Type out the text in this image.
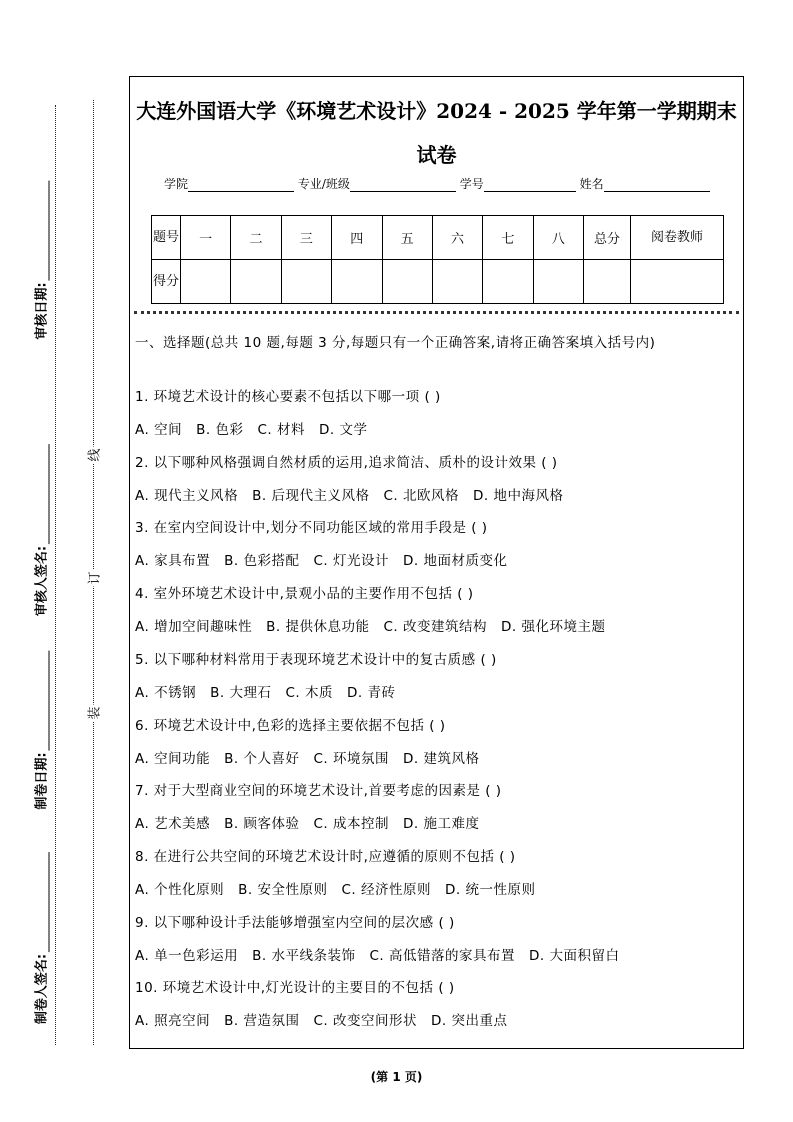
审核日期:
审核人签名:
制卷日期:
制卷人签名:
线
订
装
大连外国语大学《环境艺术设计》2024 - 2025 学年第一学期期末
试卷
学院	专业/班级	学号	姓名
题号	一	二	三	四	五	六	七	八	总分	阅卷教师
得分										
一、选择题(总共 10 题,每题 3 分,每题只有一个正确答案,请将正确答案填入括号内)
1. 环境艺术设计的核心要素不包括以下哪一项 ( )
A. 空间 B. 色彩 C. 材料 D. 文学
2. 以下哪种风格强调自然材质的运用,追求简洁、质朴的设计效果 ( )
A. 现代主义风格 B. 后现代主义风格 C. 北欧风格 D. 地中海风格
3. 在室内空间设计中,划分不同功能区域的常用手段是 ( )
A. 家具布置 B. 色彩搭配 C. 灯光设计 D. 地面材质变化
4. 室外环境艺术设计中,景观小品的主要作用不包括 ( )
A. 增加空间趣味性 B. 提供休息功能 C. 改变建筑结构 D. 强化环境主题
5. 以下哪种材料常用于表现环境艺术设计中的复古质感 ( )
A. 不锈钢 B. 大理石 C. 木质 D. 青砖
6. 环境艺术设计中,色彩的选择主要依据不包括 ( )
A. 空间功能 B. 个人喜好 C. 环境氛围 D. 建筑风格
7. 对于大型商业空间的环境艺术设计,首要考虑的因素是 ( )
A. 艺术美感 B. 顾客体验 C. 成本控制 D. 施工难度
8. 在进行公共空间的环境艺术设计时,应遵循的原则不包括 ( )
A. 个性化原则 B. 安全性原则 C. 经济性原则 D. 统一性原则
9. 以下哪种设计手法能够增强室内空间的层次感 ( )
A. 单一色彩运用 B. 水平线条装饰 C. 高低错落的家具布置 D. 大面积留白
10. 环境艺术设计中,灯光设计的主要目的不包括 ( )
A. 照亮空间 B. 营造氛围 C. 改变空间形状 D. 突出重点
(第 1 页)
